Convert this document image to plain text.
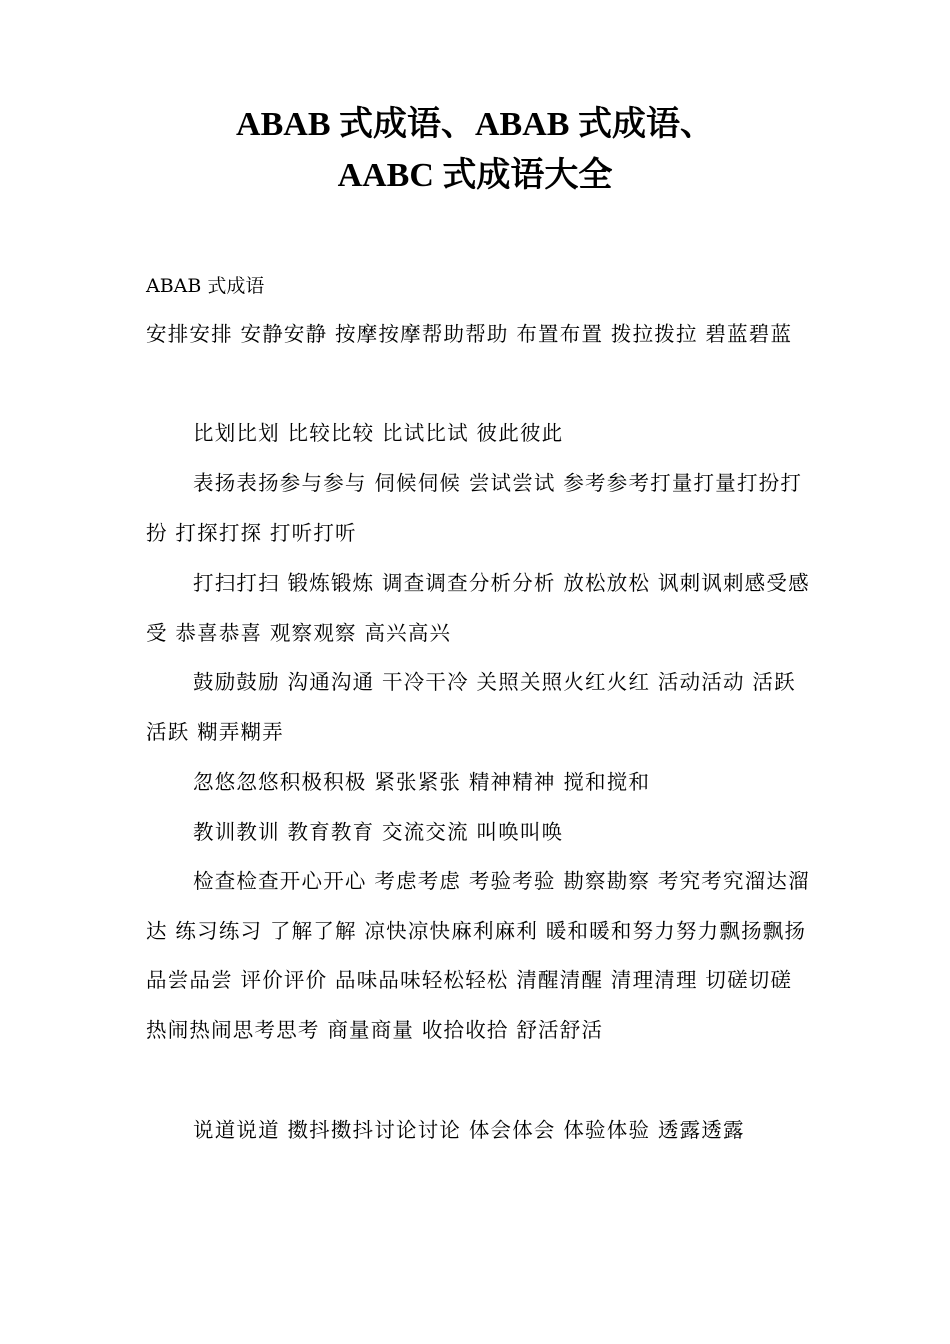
ABAB 式成语、ABAB 式成语、
AABC 式成语大全
ABAB 式成语
安排安排 安静安静 按摩按摩帮助帮助 布置布置 拨拉拨拉 碧蓝碧蓝
比划比划 比较比较 比试比试 彼此彼此
表扬表扬参与参与 伺候伺候 尝试尝试 参考参考打量打量打扮打扮 打探打探 打听打听
打扫打扫 锻炼锻炼 调查调查分析分析 放松放松 讽刺讽刺感受感受 恭喜恭喜 观察观察 高兴高兴
鼓励鼓励 沟通沟通 干冷干冷 关照关照火红火红 活动活动 活跃活跃 糊弄糊弄
忽悠忽悠积极积极 紧张紧张 精神精神 搅和搅和
教训教训 教育教育 交流交流 叫唤叫唤
检查检查开心开心 考虑考虑 考验考验 勘察勘察 考究考究溜达溜达 练习练习 了解了解 凉快凉快麻利麻利 暖和暖和努力努力飘扬飘扬品尝品尝 评价评价 品味品味轻松轻松 清醒清醒 清理清理 切磋切磋热闹热闹思考思考 商量商量 收拾收拾 舒活舒活
说道说道 擞抖擞抖讨论讨论 体会体会 体验体验 透露透露
